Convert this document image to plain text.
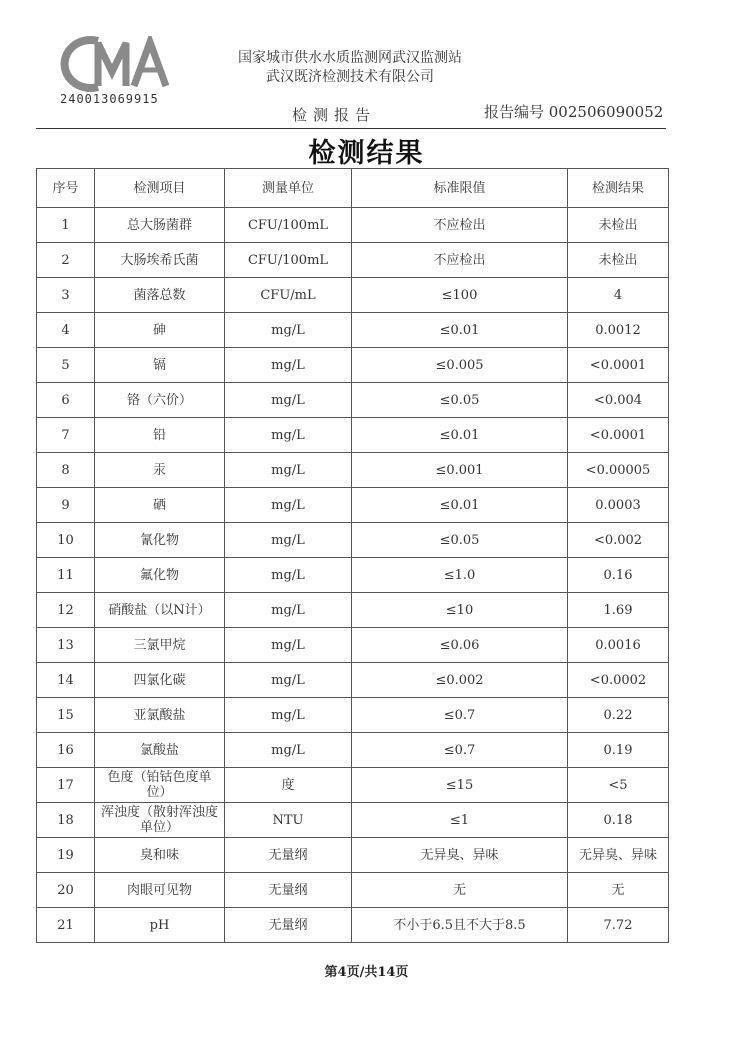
240013069915
国家城市供水水质监测网武汉监测站
武汉既济检测技术有限公司
检测报告	报告编号 002506090052
检测结果
序号	检测项目	测量单位	标准限值	检测结果
1	总大肠菌群	CFU/100mL	不应检出	未检出
2	大肠埃希氏菌	CFU/100mL	不应检出	未检出
3	菌落总数	CFU/mL	≤100	4
4	砷	mg/L	≤0.01	0.0012
5	镉	mg/L	≤0.005	<0.0001
6	铬（六价）	mg/L	≤0.05	<0.004
7	铅	mg/L	≤0.01	<0.0001
8	汞	mg/L	≤0.001	<0.00005
9	硒	mg/L	≤0.01	0.0003
10	氰化物	mg/L	≤0.05	<0.002
11	氟化物	mg/L	≤1.0	0.16
12	硝酸盐（以N计）	mg/L	≤10	1.69
13	三氯甲烷	mg/L	≤0.06	0.0016
14	四氯化碳	mg/L	≤0.002	<0.0002
15	亚氯酸盐	mg/L	≤0.7	0.22
16	氯酸盐	mg/L	≤0.7	0.19
17	色度（铂钴色度单位）	度	≤15	<5
18	浑浊度（散射浑浊度单位）	NTU	≤1	0.18
19	臭和味	无量纲	无异臭、异味	无异臭、异味
20	肉眼可见物	无量纲	无	无
21	pH	无量纲	不小于6.5且不大于8.5	7.72
第4页/共14页
